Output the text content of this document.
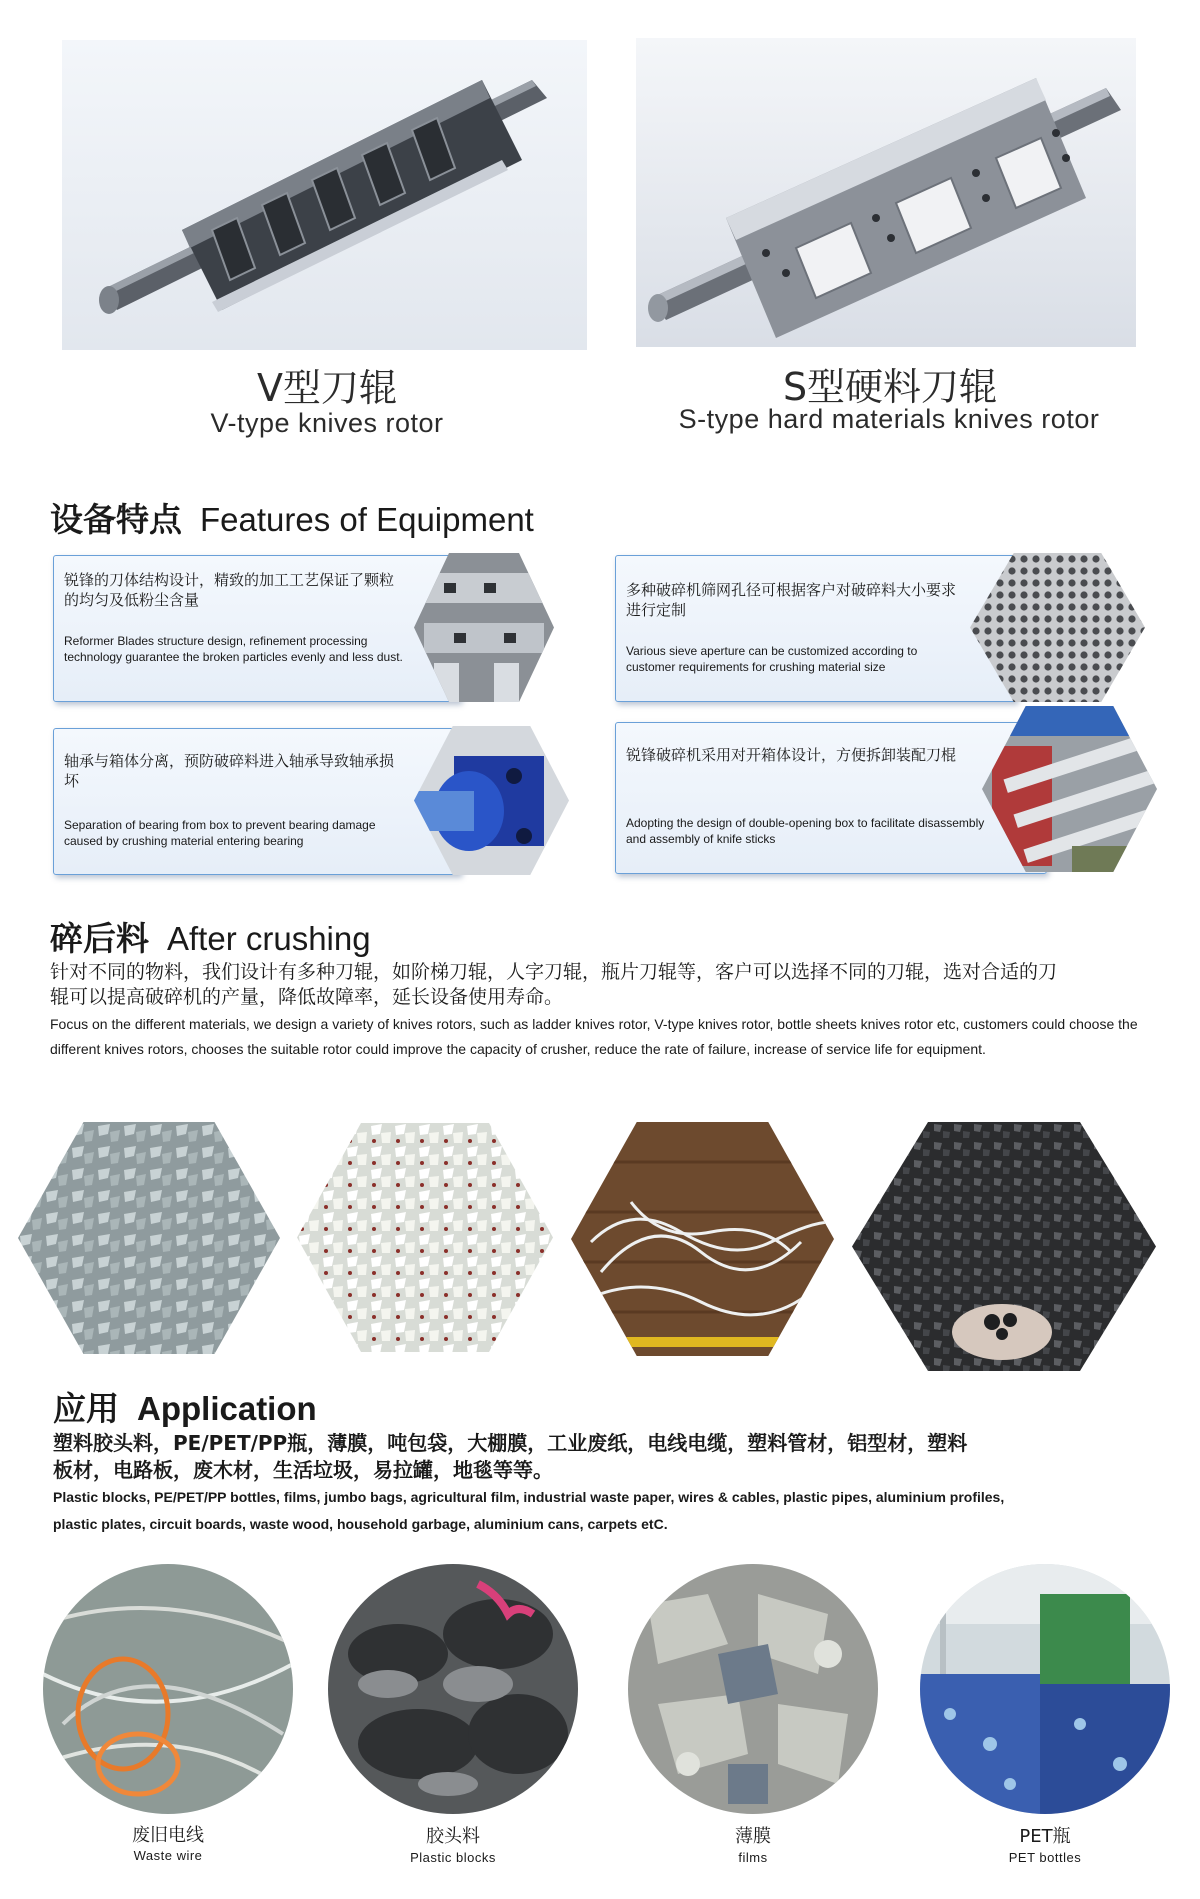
V型刀辊
V-type knives rotor
S型硬料刀辊
S-type hard materials knives rotor
设备特点 Features of Equipment
锐锋的刀体结构设计，精致的加工工艺保证了颗粒的均匀及低粉尘含量
Reformer Blades structure design, refinement processing technology guarantee the broken particles evenly and less dust.
多种破碎机筛网孔径可根据客户对破碎料大小要求进行定制
Various sieve aperture can be customized according to customer requirements for crushing material size
轴承与箱体分离，预防破碎料进入轴承导致轴承损坏
Separation of bearing from box to prevent bearing damage caused by crushing material entering bearing
锐锋破碎机采用对开箱体设计，方便拆卸装配刀棍
Adopting the design of double-opening box to facilitate disassembly and assembly of knife sticks
碎后料 After crushing
针对不同的物料，我们设计有多种刀辊，如阶梯刀辊，人字刀辊，瓶片刀辊等，客户可以选择不同的刀辊，选对合适的刀辊可以提高破碎机的产量，降低故障率，延长设备使用寿命。
Focus on the different materials, we design a variety of knives rotors, such as ladder knives rotor, V-type knives rotor, bottle sheets knives rotor etc, customers could choose the different knives rotors, chooses the suitable rotor could improve the capacity of crusher, reduce the rate of failure, increase of service life for equipment.
应用 Application
塑料胶头料，PE/PET/PP瓶，薄膜，吨包袋，大棚膜，工业废纸，电线电缆，塑料管材，铝型材，塑料板材，电路板，废木材，生活垃圾，易拉罐，地毯等等。
Plastic blocks, PE/PET/PP bottles, films, jumbo bags, agricultural film, industrial waste paper, wires & cables, plastic pipes, aluminium profiles, plastic plates, circuit boards, waste wood, household garbage, aluminium cans, carpets etC.
废旧电线
Waste wire
胶头料
Plastic blocks
薄膜
films
PET瓶
PET bottles
